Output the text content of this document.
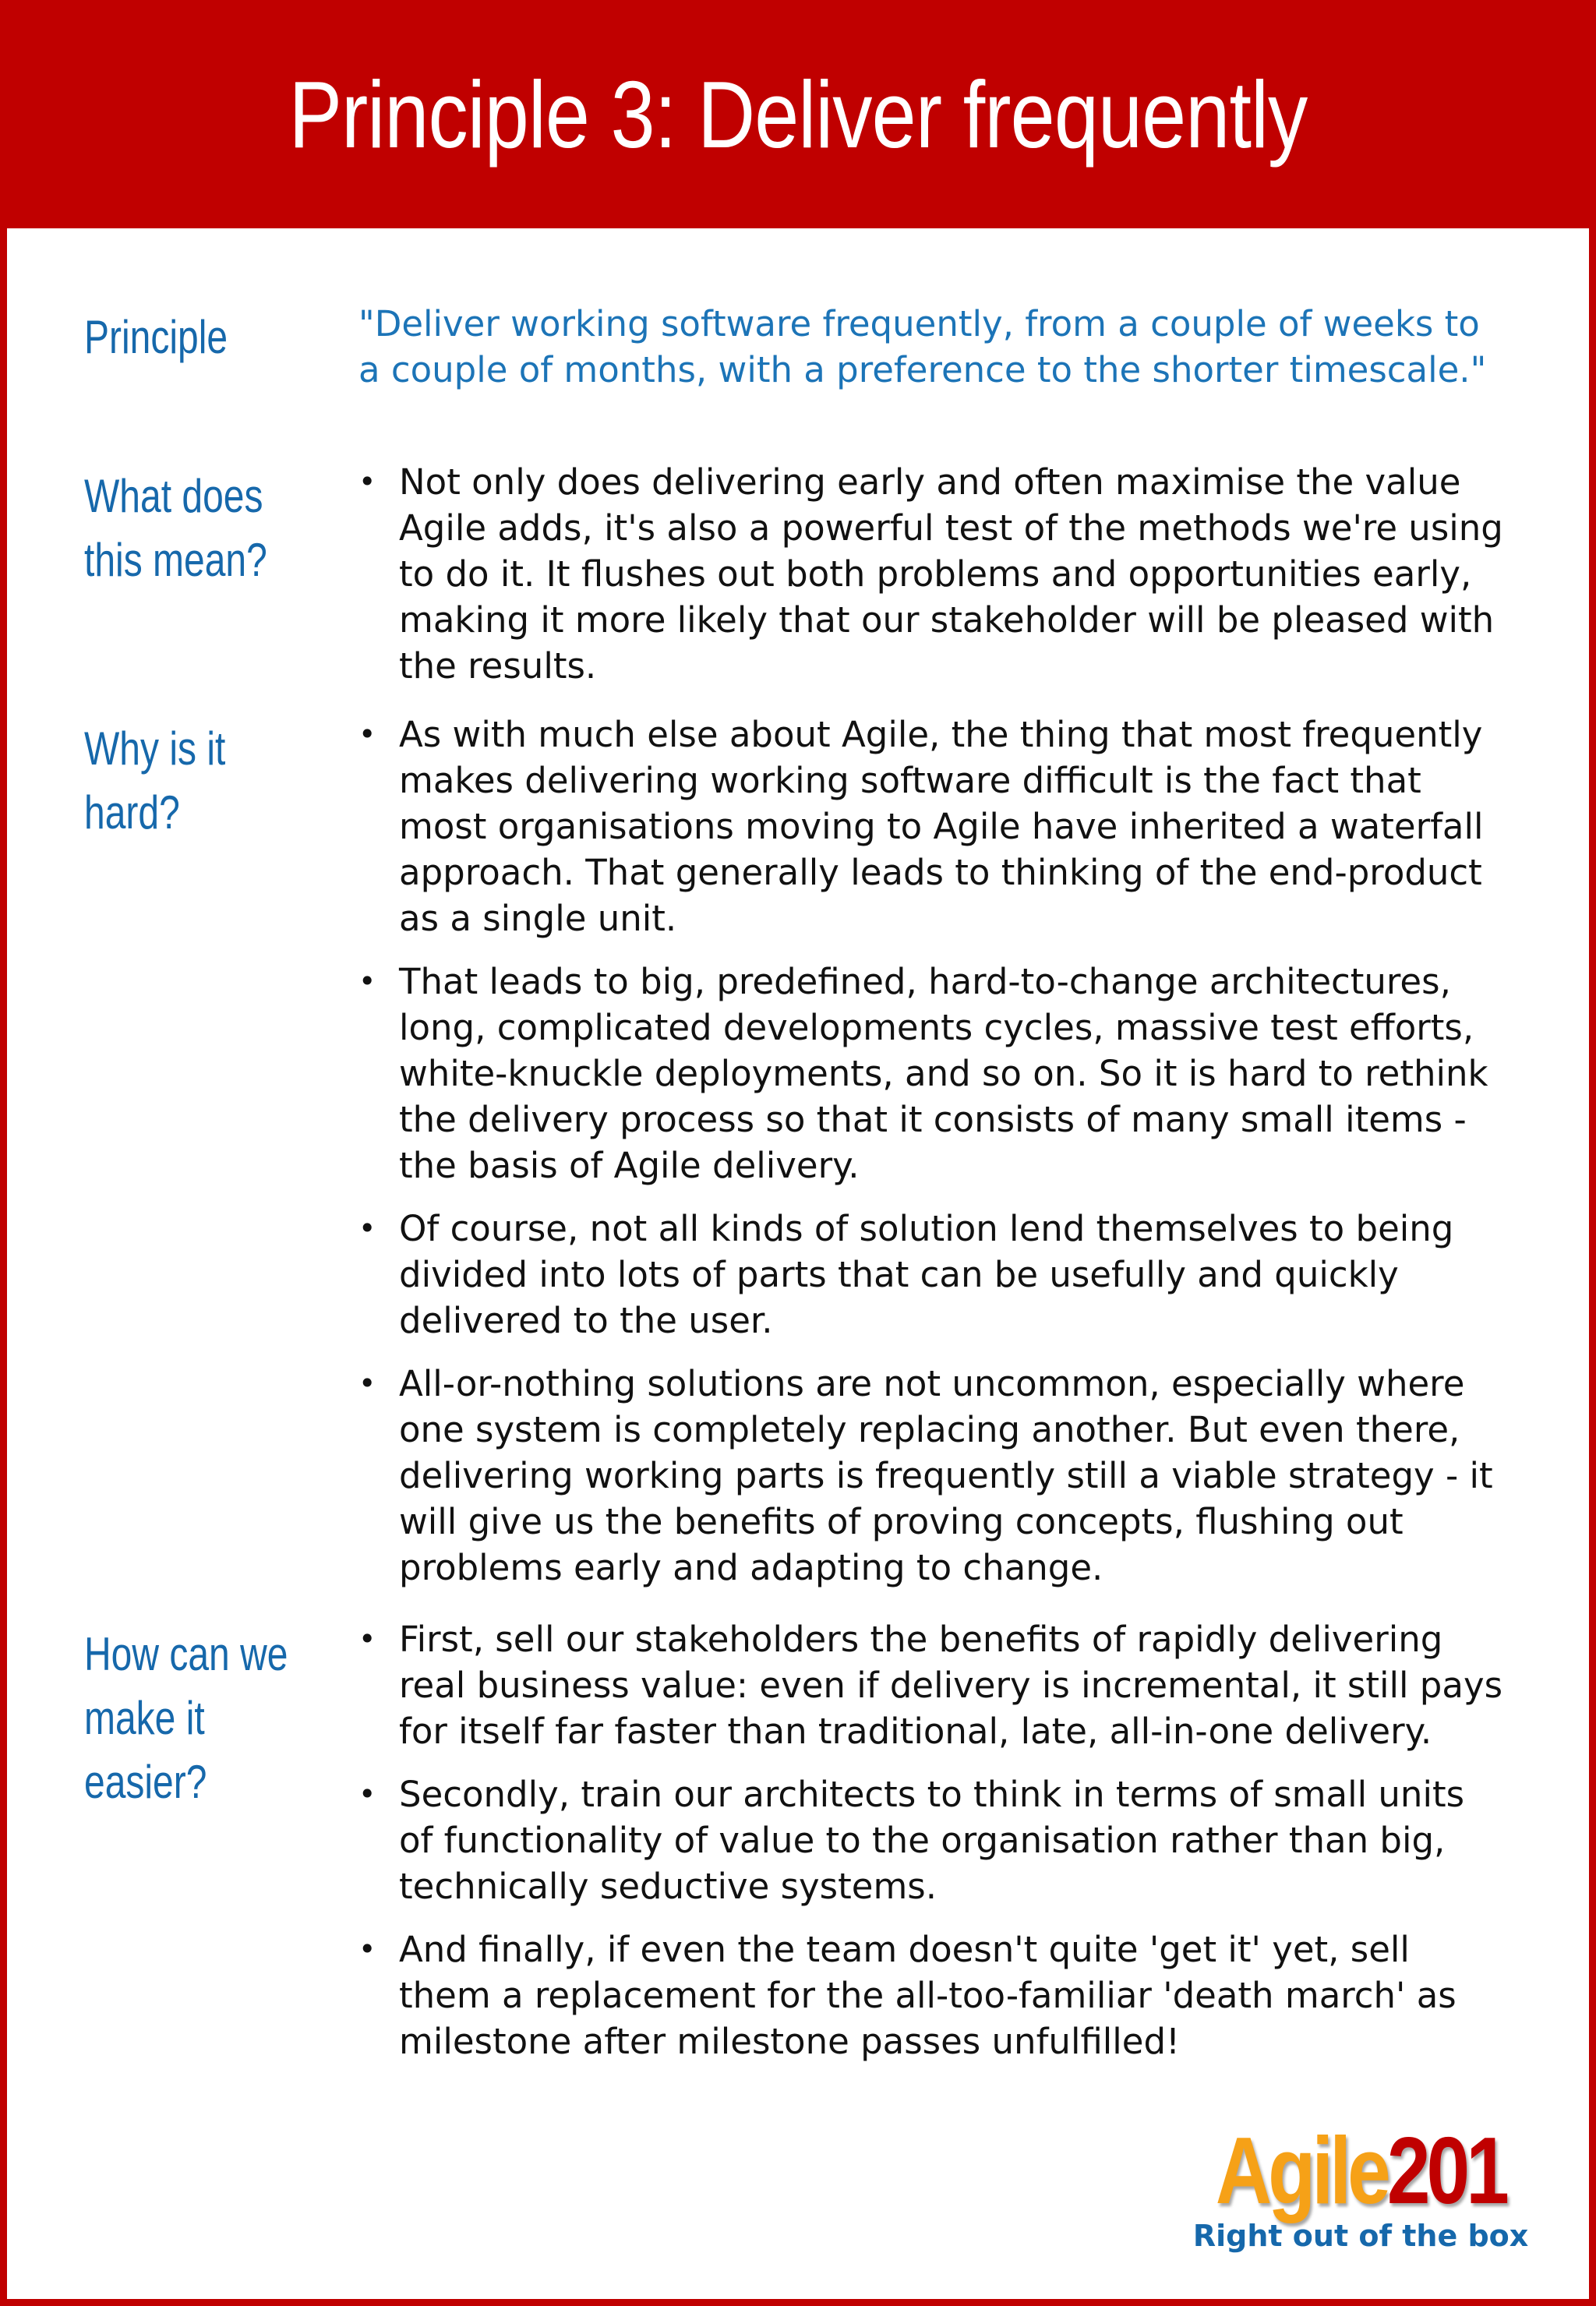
Principle 3: Deliver frequently
Principle
What does
this mean?
Why is it
hard?
How can we
make it
easier?
"Deliver working software frequently, from a couple of weeks to a couple of months, with a preference to the shorter timescale."
• Not only does delivering early and often maximise the value Agile adds, it's also a powerful test of the methods we're using to do it. It flushes out both problems and opportunities early, making it more likely that our stakeholder will be pleased with the results.
• As with much else about Agile, the thing that most frequently makes delivering working software difficult is the fact that most organisations moving to Agile have inherited a waterfall approach. That generally leads to thinking of the end-product as a single unit.
• That leads to big, predefined, hard-to-change architectures, long, complicated developments cycles, massive test efforts, white-knuckle deployments, and so on. So it is hard to rethink the delivery process so that it consists of many small items - the basis of Agile delivery.
• Of course, not all kinds of solution lend themselves to being divided into lots of parts that can be usefully and quickly delivered to the user.
• All-or-nothing solutions are not uncommon, especially where one system is completely replacing another. But even there, delivering working parts is frequently still a viable strategy - it will give us the benefits of proving concepts, flushing out problems early and adapting to change.
• First, sell our stakeholders the benefits of rapidly delivering real business value: even if delivery is incremental, it still pays for itself far faster than traditional, late, all-in-one delivery.
• Secondly, train our architects to think in terms of small units of functionality of value to the organisation rather than big, technically seductive systems.
• And finally, if even the team doesn't quite 'get it' yet, sell them a replacement for the all-too-familiar 'death march' as milestone after milestone passes unfulfilled!
Agile201
Right out of the box
